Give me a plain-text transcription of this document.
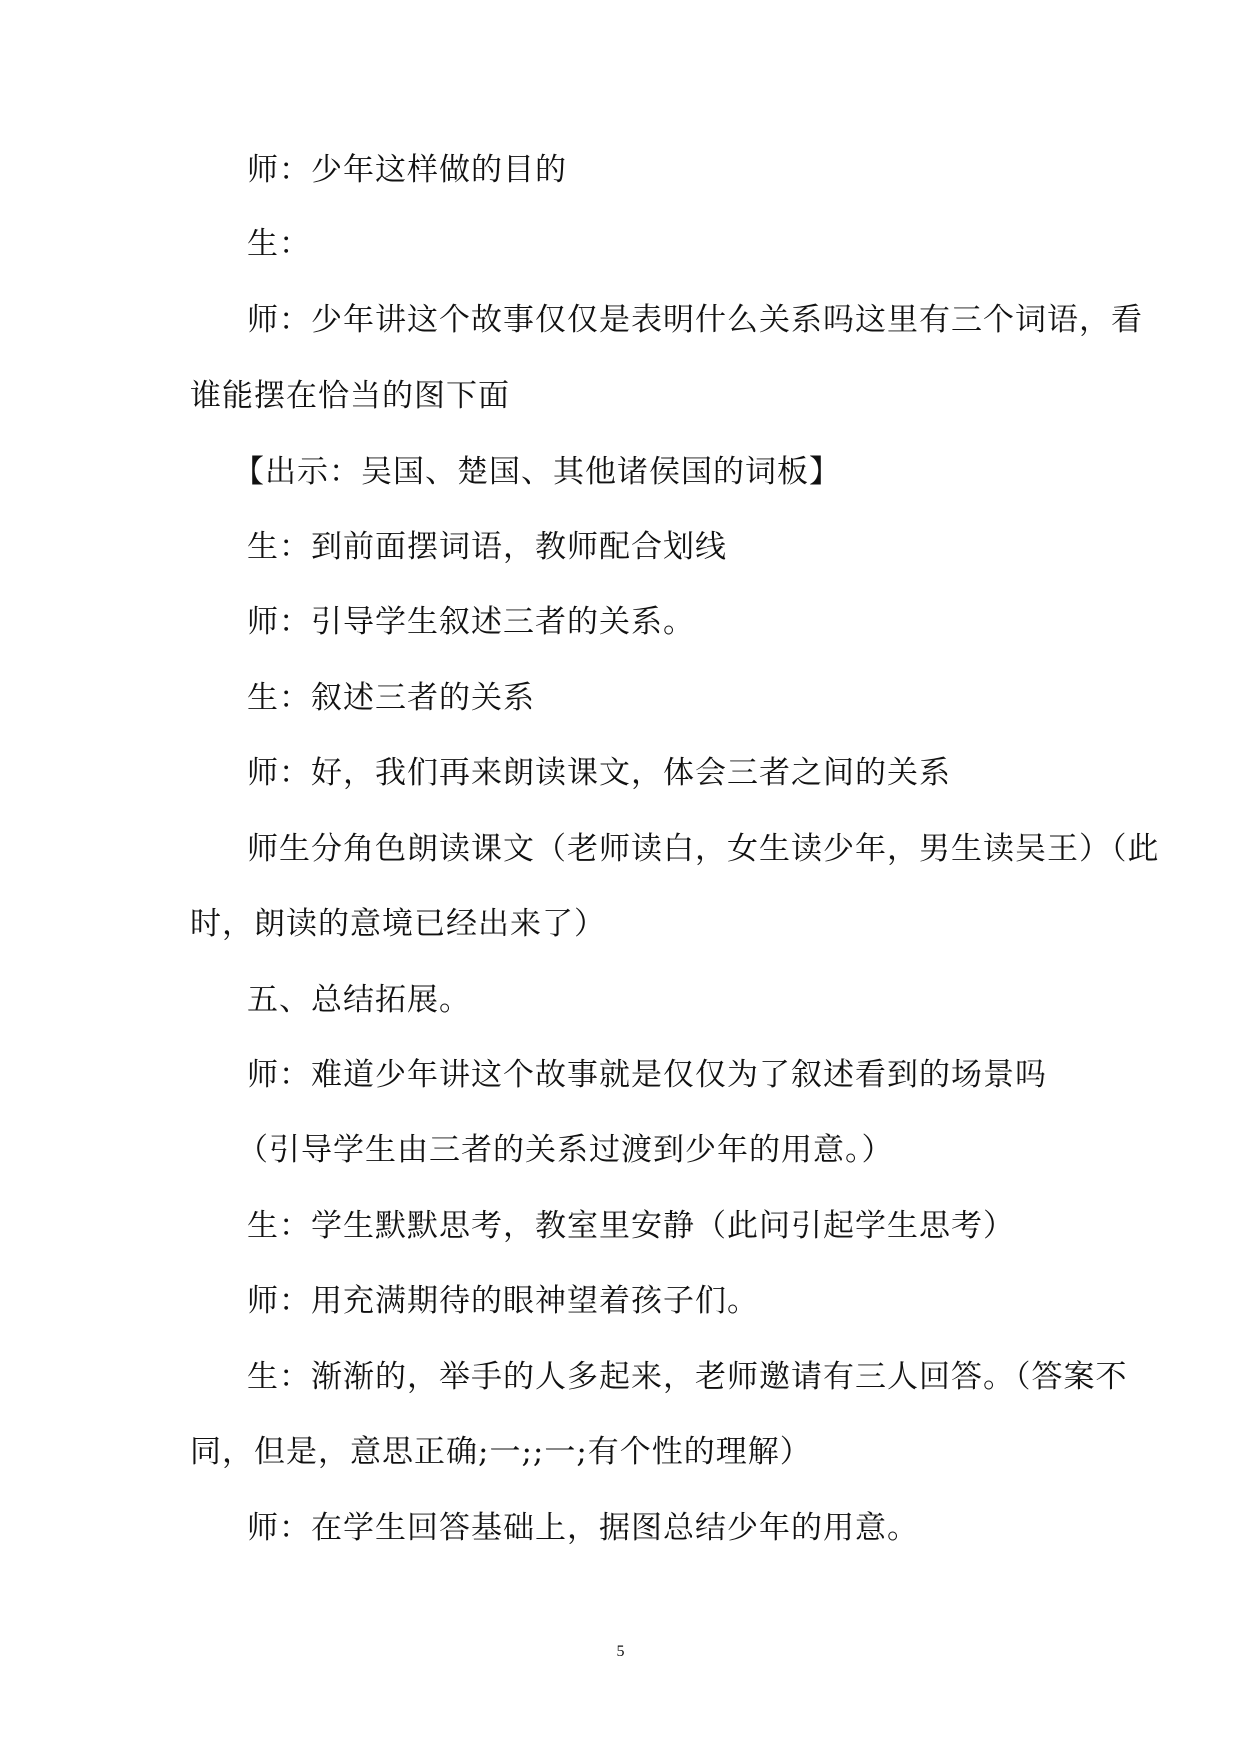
师：少年这样做的目的
生：
师：少年讲这个故事仅仅是表明什么关系吗这里有三个词语，看
谁能摆在恰当的图下面
【出示：吴国、楚国、其他诸侯国的词板】
生：到前面摆词语，教师配合划线
师：引导学生叙述三者的关系。
生：叙述三者的关系
师：好，我们再来朗读课文，体会三者之间的关系
师生分角色朗读课文（老师读白，女生读少年，男生读吴王）（此
时，朗读的意境已经出来了）
五、总结拓展。
师：难道少年讲这个故事就是仅仅为了叙述看到的场景吗
（引导学生由三者的关系过渡到少年的用意。）
生：学生默默思考，教室里安静（此问引起学生思考）
师：用充满期待的眼神望着孩子们。
生：渐渐的，举手的人多起来，老师邀请有三人回答。（答案不
同，但是，意思正确;一;;一;有个性的理解）
师：在学生回答基础上，据图总结少年的用意。
5
